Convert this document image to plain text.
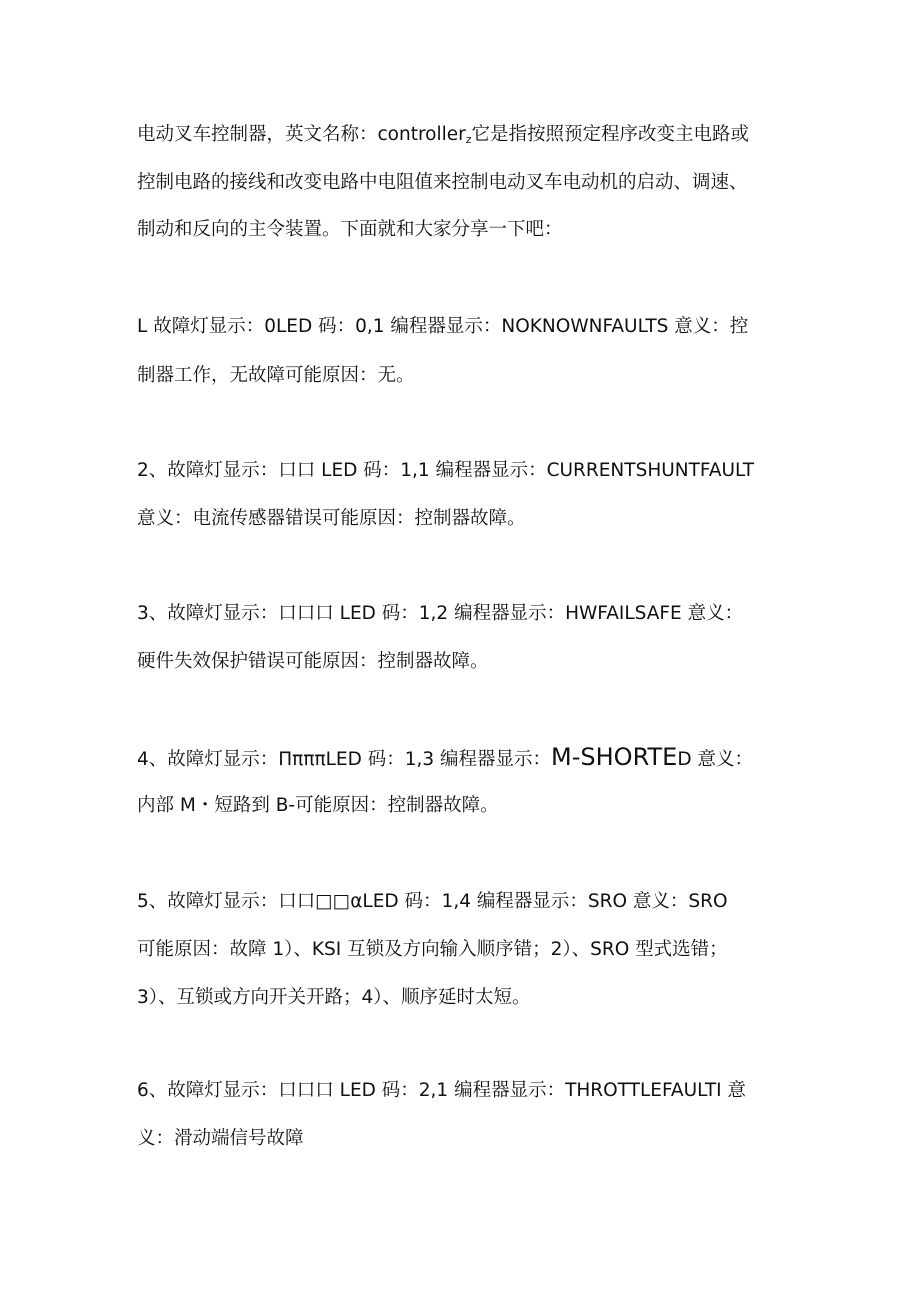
电动叉车控制器，英文名称：controller$_z$它是指按照预定程序改变主电路或
控制电路的接线和改变电路中电阻值来控制电动叉车电动机的启动、调速、
制动和反向的主令装置。下面就和大家分享一下吧：
L 故障灯显示：0LED 码：0,1 编程器显示：NOKNOWNFAULTS 意义：控
制器工作，无故障可能原因：无。
2、故障灯显示：口口 LED 码：1,1 编程器显示：CURRENTSHUNTFAULT
意义：电流传感器错误可能原因：控制器故障。
3、故障灯显示：口口口 LED 码：1,2 编程器显示：HWFAILSAFE 意义：
硬件失效保护错误可能原因：控制器故障。
4、故障灯显示：ΠπππLED 码：1,3 编程器显示：M-SHORTED 意义：
内部 M・短路到 B-可能原因：控制器故障。
5、故障灯显示：口口□□αLED 码：1,4 编程器显示：SRO 意义：SRO
可能原因：故障 1）、KSI 互锁及方向输入顺序错；2）、SRO 型式选错；
3）、互锁或方向开关开路；4）、顺序延时太短。
6、故障灯显示：口口口 LED 码：2,1 编程器显示：THROTTLEFAULTI 意
义：滑动端信号故障
